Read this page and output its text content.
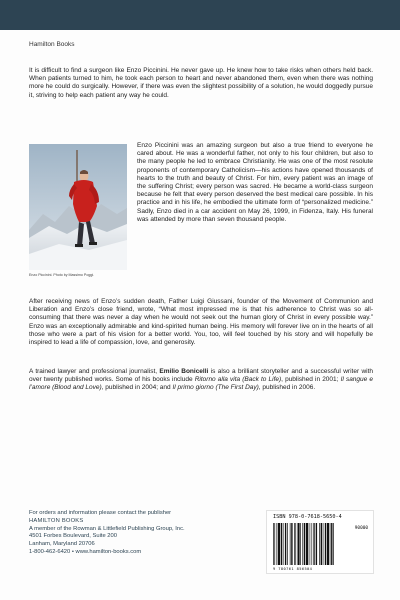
Hamilton Books

It is difficult to find a surgeon like Enzo Piccinini. He never gave up. He knew how to take risks when others held back. When patients turned to him, he took each person to heart and never abandoned them, even when there was nothing more he could do surgically. However, if there was even the slightest possibility of a solution, he would doggedly pursue it, striving to help each patient any way he could.

Enzo Piccinini. Photo by Massimo Poggi.

Enzo Piccinini was an amazing surgeon but also a true friend to everyone he cared about. He was a wonderful father, not only to his four children, but also to the many people he led to embrace Christianity. He was one of the most resolute proponents of contemporary Catholicism—his actions have opened thousands of hearts to the truth and beauty of Christ. For him, every patient was an image of the suffering Christ; every person was sacred. He became a world-class surgeon because he felt that every person deserved the best medical care possible. In his practice and in his life, he embodied the ultimate form of “personalized medicine.” Sadly, Enzo died in a car accident on May 26, 1999, in Fidenza, Italy. His funeral was attended by more than seven thousand people.

After receiving news of Enzo’s sudden death, Father Luigi Giussani, founder of the Movement of Communion and Liberation and Enzo’s close friend, wrote, “What most impressed me is that his adherence to Christ was so all-consuming that there was never a day when he would not seek out the human glory of Christ in every possible way.” Enzo was an exceptionally admirable and kind-spirited human being. His memory will forever live on in the hearts of all those who were a part of his vision for a better world. You, too, will feel touched by his story and will hopefully be inspired to lead a life of compassion, love, and generosity.

A trained lawyer and professional journalist, Emilio Bonicelli is also a brilliant storyteller and a successful writer with over twenty published works. Some of his books include Ritorno alla vita (Back to Life), published in 2001; Il sangue e l’amore (Blood and Love), published in 2004; and Il primo giorno (The First Day), published in 2006.

For orders and information please contact the publisher
HAMILTON BOOKS
A member of the Rowman & Littlefield Publishing Group, Inc.
4501 Forbes Boulevard, Suite 200
Lanham, Maryland 20706
1-800-462-6420 • www.hamilton-books.com
ISBN 978-0-7618-5650-4
90000
9 780761 856504
